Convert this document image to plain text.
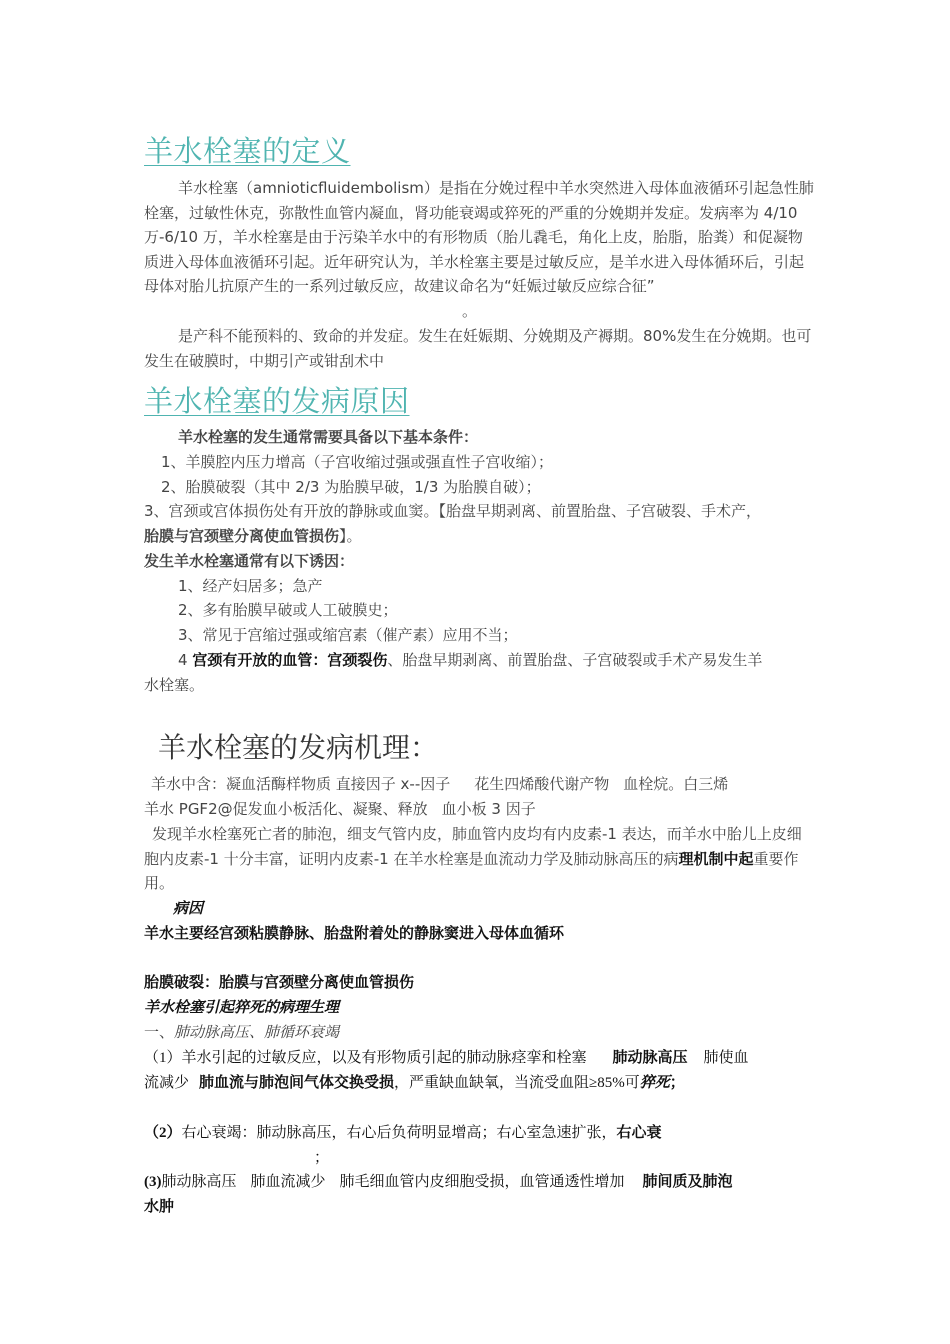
羊水栓塞的定义

羊水栓塞（amnioticfluidembolism）是指在分娩过程中羊水突然进入母体血液循环引起急性肺栓塞，过敏性休克，弥散性血管内凝血，肾功能衰竭或猝死的严重的分娩期并发症。发病率为 4/10 万-6/10 万，羊水栓塞是由于污染羊水中的有形物质（胎儿毳毛，角化上皮，胎脂，胎粪）和促凝物质进入母体血液循环引起。近年研究认为，羊水栓塞主要是过敏反应，是羊水进入母体循环后，引起母体对胎儿抗原产生的一系列过敏反应，故建议命名为“妊娠过敏反应综合征”。

是产科不能预料的、致命的并发症。发生在妊娠期、分娩期及产褥期。80%发生在分娩期。也可发生在破膜时，中期引产或钳刮术中

羊水栓塞的发病原因

羊水栓塞的发生通常需要具备以下基本条件：

1、羊膜腔内压力增高（子宫收缩过强或强直性子宫收缩）；

2、胎膜破裂（其中 2/3 为胎膜早破，1/3 为胎膜自破）；

3、宫颈或宫体损伤处有开放的静脉或血窦。【胎盘早期剥离、前置胎盘、子宫破裂、手术产，

胎膜与宫颈壁分离使血管损伤】。

发生羊水栓塞通常有以下诱因：

1、经产妇居多；急产

2、多有胎膜早破或人工破膜史；

3、常见于宫缩过强或缩宫素（催产素）应用不当；

4 宫颈有开放的血管：宫颈裂伤、胎盘早期剥离、前置胎盘、子宫破裂或手术产易发生羊

水栓塞。

羊水栓塞的发病机理：

羊水中含：凝血活酶样物质 直接因子 x--因子 花生四烯酸代谢产物 血栓烷。白三烯

羊水 PGF2@促发血小板活化、凝聚、释放 血小板 3 因子

发现羊水栓塞死亡者的肺泡，细支气管内皮，肺血管内皮均有内皮素-1 表达，而羊水中胎儿上皮细胞内皮素-1 十分丰富，证明内皮素-1 在羊水栓塞是血流动力学及肺动脉高压的病理机制中起重要作用。

病因

羊水主要经宫颈粘膜静脉、胎盘附着处的静脉窦进入母体血循环

胎膜破裂：胎膜与宫颈壁分离使血管损伤

羊水栓塞引起猝死的病理生理

一、肺动脉高压、肺循环衰竭

（1）羊水引起的过敏反应，以及有形物质引起的肺动脉痉挛和栓塞 肺动脉高压 肺使血

流减少 肺血流与肺泡间气体交换受损，严重缺血缺氧，当流受血阻≥85%可猝死；

（2）右心衰竭：肺动脉高压，右心后负荷明显增高；右心室急速扩张，右心衰

；

(3)肺动脉高压 肺血流减少 肺毛细血管内皮细胞受损，血管通透性增加 肺间质及肺泡

水肿
